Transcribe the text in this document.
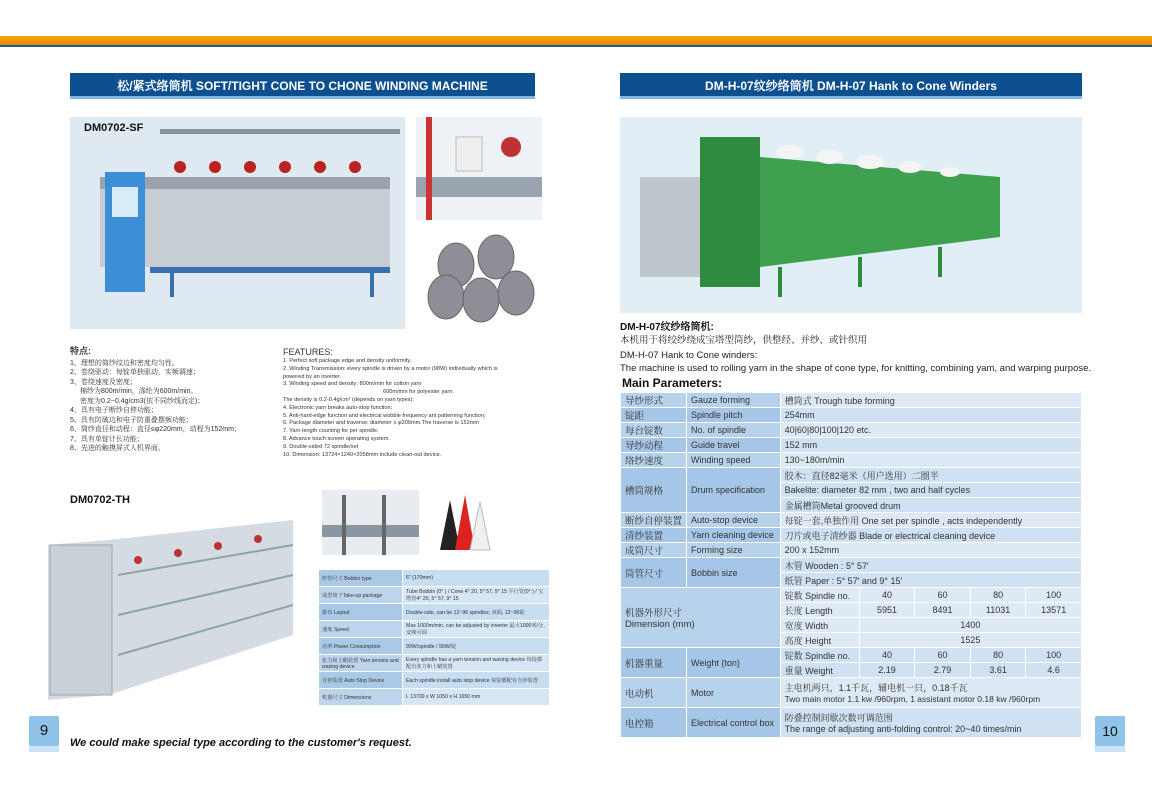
松/紧式络筒机 SOFT/TIGHT CONE TO CHONE WINDING MACHINE
DM0702-SF
特点:
1、理想的筒纱纹边和密度均匀性。
2、卷绕驱动：每锭单独驱动，实频调速；
3、卷绕速度及密度；
棉纱为800m/min，涤纶为600m/min。
密度为0.2~0.4g/cm3(依不同纱线而定)；
4、具有电子断纱自停功能；
5、具有防破边和电子防重叠摆频功能；
6、筒纱直径和动程：直径≤φ220mm，动程为152mm；
7、具有单锭计长功能；
8、先进的触摸屏式人机界面。
FEATURES:
1. Perfect soft package edge and density uniformity.
2. Winding Transmission: every spindle is driven by a motor (98W) individually which is
powered by an inverter.
3. Winding speed and density: 800m/min for cotton yarn
600m/min for polyester yarn.
The density is 0.2-0.4g/cm³ (depends on yarn types):
4. Electronic yarn breaks auto-stop function;
5. Anti-hard-edge function and electrical wobble frequency ant patterning function;
6. Package diameter and traverse: diameter ≤ φ200mm.The traverse is 152mm
7. Yarn length counting for per spindle.
8. Advance touch screen operating system.
9. Double-sided 72 spindle/set
10. Dimension: 13724×1240×2058mm include clean-out device.
DM0702-TH
纱管尺寸 Bobbin type	6" (170mm)
成型筒子Take-up package	Tube Bobbin (0° ) / Cone 4° 20, 5° 57, 9° 15 平行管(0° ) / 宝塔管4° 20, 5° 57, 9° 15
排布 Layout	Double-side, can be 12~96 spindles; 双面, 12~96锭
速度 Speed	Max 1000m/min, can be adjusted by inverter 最大1000米/分, 变频可调
功率 Power Consumption	90W/spindle / 90W/锭
张力和上蜡装置 Yarn tension and waxing device	Every spindle has a yarn tension and waxing device 每锭都配有张力和上蜡装置
自停装置 Auto Stop Device	Each spindle install auto stop device 每锭都配有自停装置
机器尺寸 Dimensions	L 13700 x W 1050 x H 1650 mm
9
We could make special type according to the customer's request.
DM-H-07纹纱络筒机 DM-H-07 Hank to Cone Winders
DM-H-07纹纱络筒机:
本机用于将绞纱绕成宝塔型筒纱，供整经、并纱、或针织用
DM-H-07 Hank to Cone winders:
The machine is used to rolling yarn in the shape of cone type, for knitting, combining yam, and warping purpose.
Main Parameters:
导纱形式	Gauze forming	槽筒式 Trough tube forming				
锭距	Spindle pitch	254mm				
每台锭数	No. of spindle	40|60|80|100|120 etc.				
导纱动程	Guide travel	152 mm				
络纱速度	Winding speed	130~180m/min				
槽筒规格	Drum specification	胶木：直径82毫米（用户选用）二圈半				
		Bakelite: diameter 82 mm , two and half cycles				
		金属槽筒Metal grooved drum				
断纱自停装置	Auto-stop device	每锭一套,单独作用 One set per spindle , acts independently				
清纱装置	Yarn cleaning device	刀片或电子清纱器 Blade or electrical cleaning device				
成筒尺寸	Forming size	200 x 152mm				
筒管尺寸	Bobbin size	木管 Wooden : 5° 57′				
		纸管 Paper : 5° 57′ and 9° 15′				

机器外形尺寸
Dimension (mm)		锭数 Spindle no.	40	60	80	100
		长度 Length	5951	8491	11031	13571
		宽度 Width	1400			
		高度 Height	1525			
机器重量	Weight (ton)	锭数 Spindle no.	40	60	80	100
		重量 Weight	2.19	2.79	3.61	4.6
电动机	Motor	主电机两只，1.1千瓦，辅电机一只，0.18千瓦
Two main motor 1.1 kw /960rpm, 1 assistant motor 0.18 kw /960rpm				

电控箱	Electrical control box	防叠控制间歇次数可调范围
The range of adjusting anti-folding control: 20~40 times/min					10
